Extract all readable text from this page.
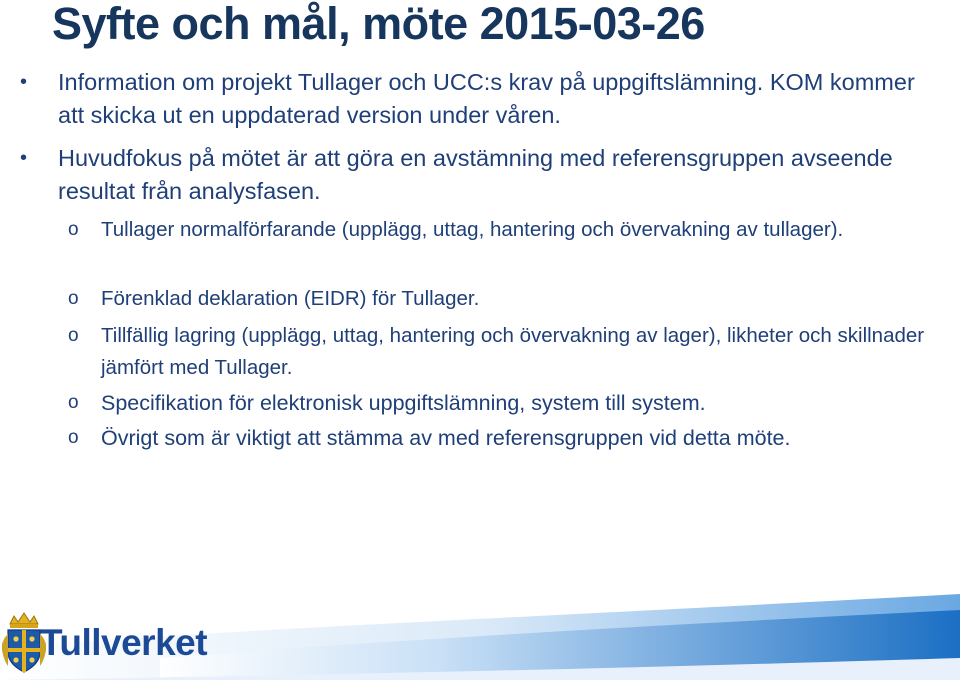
Syfte och mål, möte 2015-03-26
• Information om projekt Tullager och UCC:s krav på uppgiftslämning. KOM kommer att skicka ut en uppdaterad version under våren.
• Huvudfokus på mötet är att göra en avstämning med referensgruppen avseende resultat från analysfasen.
o Tullager normalförfarande (upplägg, uttag, hantering och övervakning av tullager).
o Förenklad deklaration (EIDR) för Tullager.
o Tillfällig lagring (upplägg, uttag, hantering och övervakning av lager), likheter och skillnader jämfört med Tullager.
o Specifikation för elektronisk uppgiftslämning, system till system.
o Övrigt som är viktigt att stämma av med referensgruppen vid detta möte.
Tullverket
